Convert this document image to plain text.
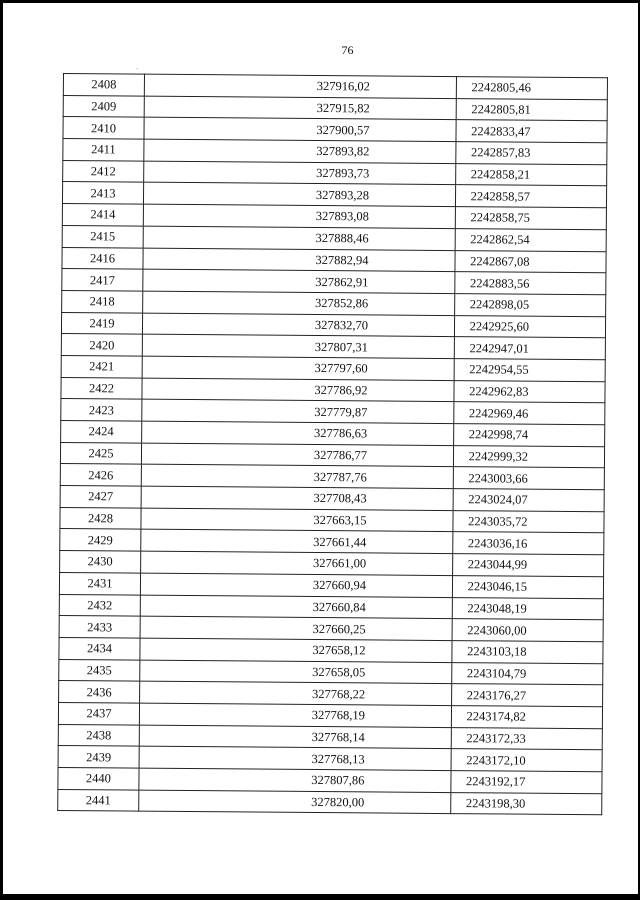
76
·
2408	327916,02	2242805,46
2409	327915,82	2242805,81
2410	327900,57	2242833,47
2411	327893,82	2242857,83
2412	327893,73	2242858,21
2413	327893,28	2242858,57
2414	327893,08	2242858,75
2415	327888,46	2242862,54
2416	327882,94	2242867,08
2417	327862,91	2242883,56
2418	327852,86	2242898,05
2419	327832,70	2242925,60
2420	327807,31	2242947,01
2421	327797,60	2242954,55
2422	327786,92	2242962,83
2423	327779,87	2242969,46
2424	327786,63	2242998,74
2425	327786,77	2242999,32
2426	327787,76	2243003,66
2427	327708,43	2243024,07
2428	327663,15	2243035,72
2429	327661,44	2243036,16
2430	327661,00	2243044,99
2431	327660,94	2243046,15
2432	327660,84	2243048,19
2433	327660,25	2243060,00
2434	327658,12	2243103,18
2435	327658,05	2243104,79
2436	327768,22	2243176,27
2437	327768,19	2243174,82
2438	327768,14	2243172,33
2439	327768,13	2243172,10
2440	327807,86	2243192,17
2441	327820,00	2243198,30
